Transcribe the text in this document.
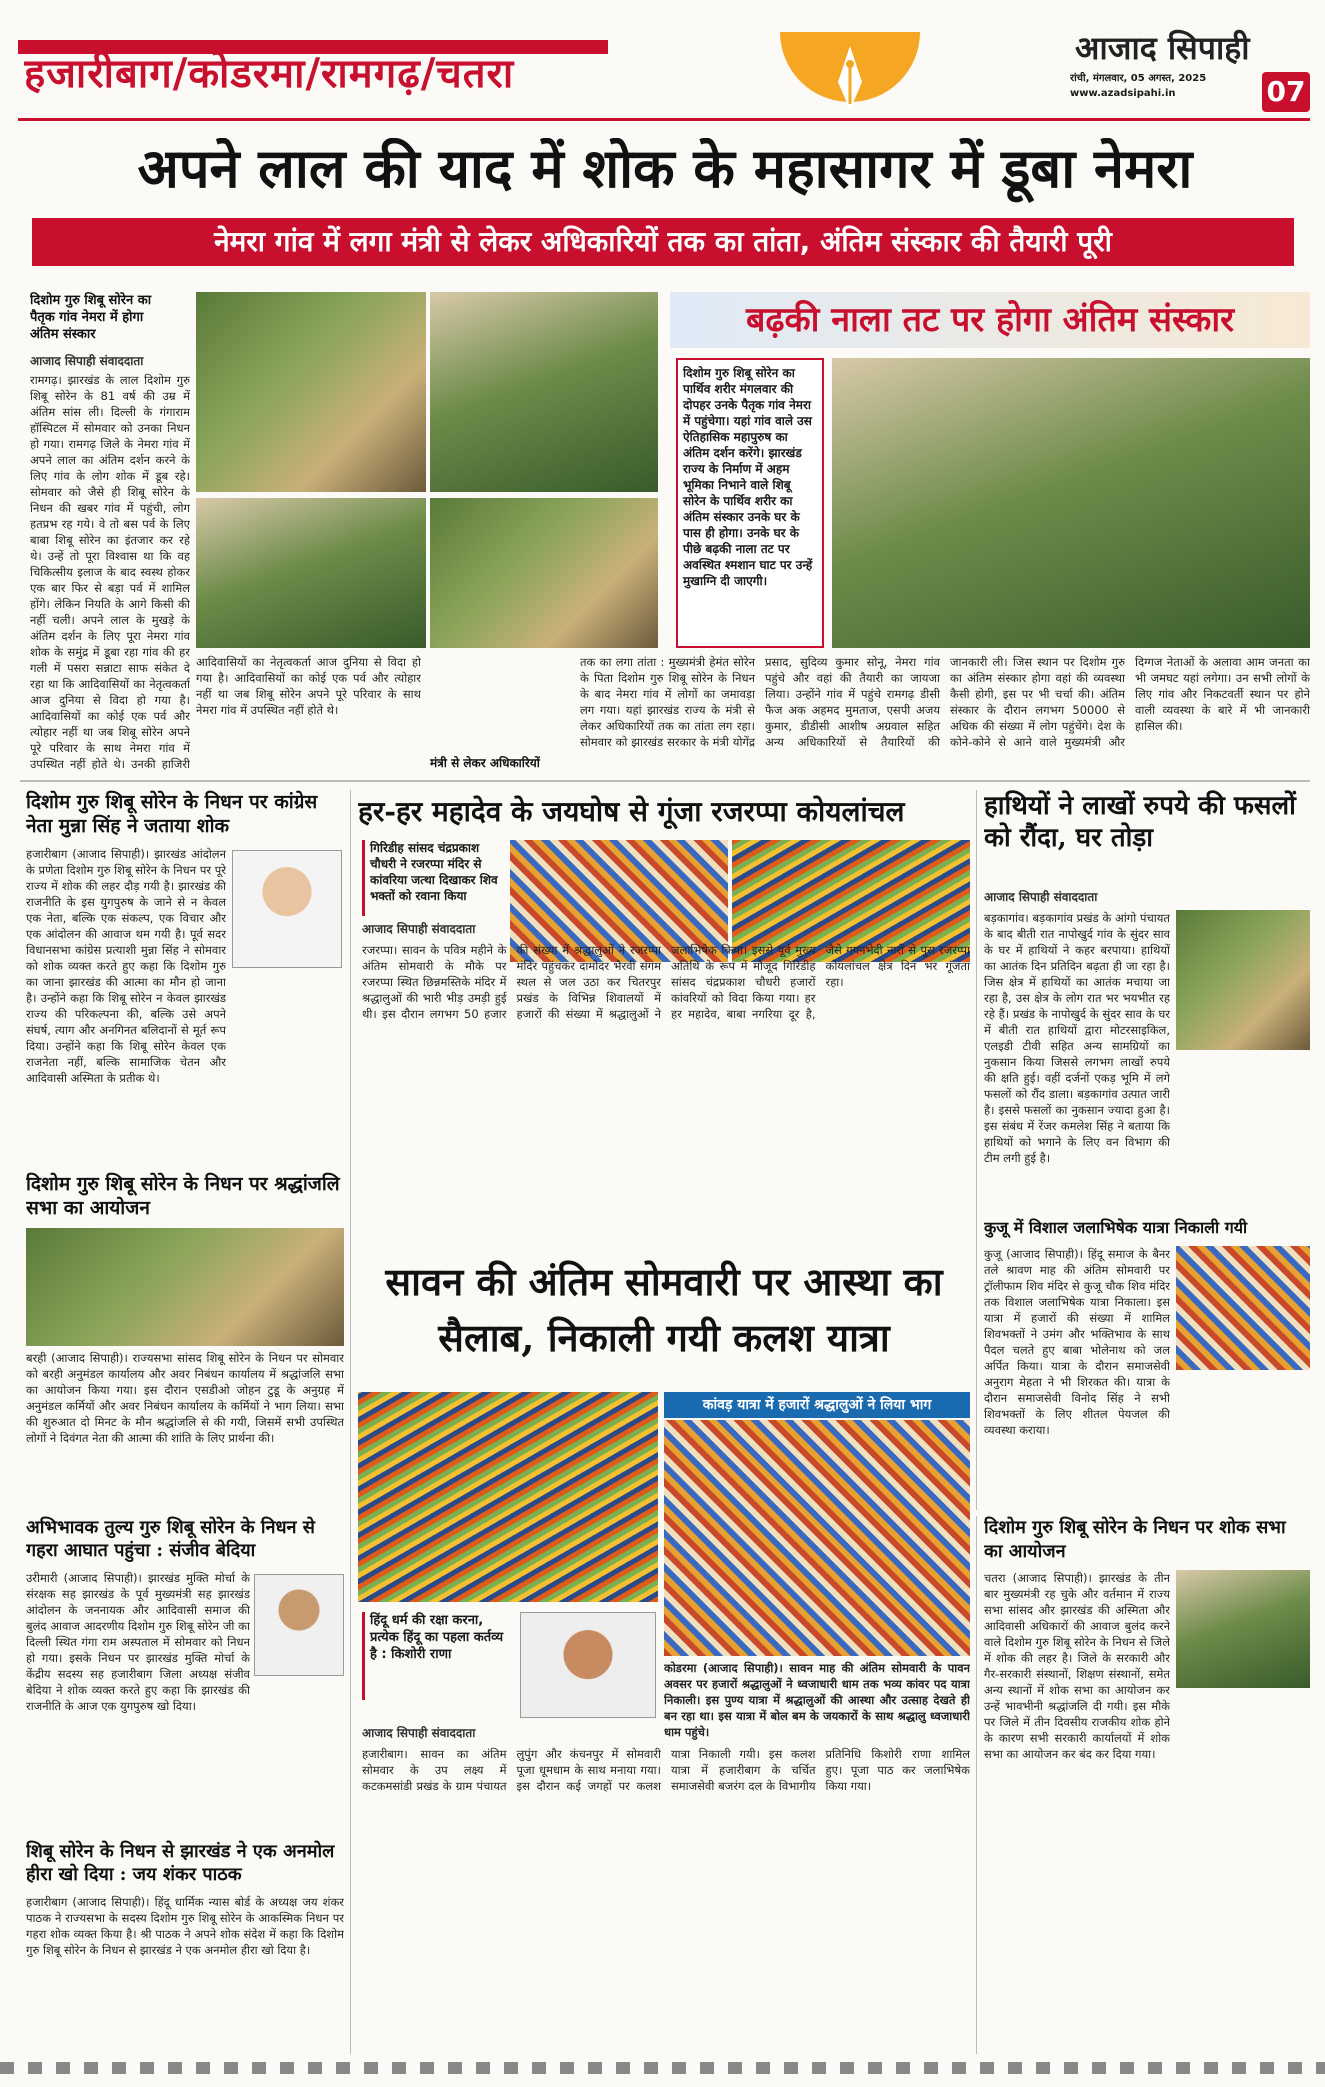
हजारीबाग/कोडरमा/रामगढ़/चतरा
आजाद सिपाही
रांची, मंगलवार, 05 अगस्त, 2025
www.azadsipahi.in	07
अपने लाल की याद में शोक के महासागर में डूबा नेमरा
नेमरा गांव में लगा मंत्री से लेकर अधिकारियों तक का तांता, अंतिम संस्कार की तैयारी पूरी
दिशोम गुरु शिबू सोरेन का पैतृक गांव नेमरा में होगा अंतिम संस्कार
आजाद सिपाही संवाददाता
रामगढ़। झारखंड के लाल दिशोम गुरु शिबू सोरेन के 81 वर्ष की उम्र में अंतिम सांस ली। दिल्ली के गंगाराम हॉस्पिटल में सोमवार को उनका निधन हो गया। रामगढ़ जिले के नेमरा गांव में अपने लाल का अंतिम दर्शन करने के लिए गांव के लोग शोक में डूब रहे। सोमवार को जैसे ही शिबू सोरेन के निधन की खबर गांव में पहुंची, लोग हतप्रभ रह गये। वे तो बस पर्व के लिए बाबा शिबू सोरेन का इंतजार कर रहे थे। उन्हें तो पूरा विश्वास था कि वह चिकित्सीय इलाज के बाद स्वस्थ होकर एक बार फिर से बड़ा पर्व में शामिल होंगे। लेकिन नियति के आगे किसी की नहीं चली। अपने लाल के मुखड़े के अंतिम दर्शन के लिए पूरा नेमरा गांव शोक के समुंद्र में डूबा रहा गांव की हर गली में पसरा सन्नाटा साफ संकेत दे रहा था कि आदिवासियों का नेतृत्वकर्ता आज दुनिया से विदा हो गया है। आदिवासियों का कोई एक पर्व और त्योहार नहीं था जब शिबू सोरेन अपने पूरे परिवार के साथ नेमरा गांव में उपस्थित नहीं होते थे। उनकी हाजिरी
आदिवासियों का नेतृत्वकर्ता आज दुनिया से विदा हो गया है। आदिवासियों का कोई एक पर्व और त्योहार नहीं था जब शिबू सोरेन अपने पूरे परिवार के साथ नेमरा गांव में उपस्थित नहीं होते थे।
मंत्री से लेकर अधिकारियों
तक का लगा तांता : मुख्यमंत्री हेमंत सोरेन के पिता दिशोम गुरु शिबू सोरेन के निधन के बाद नेमरा गांव में लोगों का जमावड़ा लग गया। यहां झारखंड राज्य के मंत्री से लेकर अधिकारियों तक का तांता लग रहा। सोमवार को झारखंड सरकार के मंत्री योगेंद्र प्रसाद, सुदिव्य कुमार सोनू, नेमरा गांव पहुंचे और वहां की तैयारी का जायजा लिया। उन्होंने गांव में पहुंचे रामगढ़ डीसी फैज अक अहमद मुमताज, एसपी अजय कुमार, डीडीसी आशीष अग्रवाल सहित अन्य अधिकारियों से तैयारियों की जानकारी ली। जिस स्थान पर दिशोम गुरु का अंतिम संस्कार होगा वहां की व्यवस्था कैसी होगी, इस पर भी चर्चा की। अंतिम संस्कार के दौरान लगभग 50000 से अधिक की संख्या में लोग पहुंचेंगे। देश के कोने-कोने से आने वाले मुख्यमंत्री और दिग्गज नेताओं के अलावा आम जनता का भी जमघट यहां लगेगा। उन सभी लोगों के लिए गांव और निकटवर्ती स्थान पर होने वाली व्यवस्था के बारे में भी जानकारी हासिल की।
बढ़की नाला तट पर होगा अंतिम संस्कार
दिशोम गुरु शिबू सोरेन का पार्थिव शरीर मंगलवार की दोपहर उनके पैतृक गांव नेमरा में पहुंचेगा। यहां गांव वाले उस ऐतिहासिक महापुरुष का अंतिम दर्शन करेंगे। झारखंड राज्य के निर्माण में अहम भूमिका निभाने वाले शिबू सोरेन के पार्थिव शरीर का अंतिम संस्कार उनके घर के पास ही होगा। उनके घर के पीछे बढ़की नाला तट पर अवस्थित श्मशान घाट पर उन्हें मुखाग्नि दी जाएगी।
दिशोम गुरु शिबू सोरेन के निधन पर कांग्रेस नेता मुन्ना सिंह ने जताया शोक
हजारीबाग (आजाद सिपाही)। झारखंड आंदोलन के प्रणेता दिशोम गुरु शिबू सोरेन के निधन पर पूरे राज्य में शोक की लहर दौड़ गयी है। झारखंड की राजनीति के इस युगपुरुष के जाने से न केवल एक नेता, बल्कि एक संकल्प, एक विचार और एक आंदोलन की आवाज थम गयी है। पूर्व सदर विधानसभा कांग्रेस प्रत्याशी मुन्ना सिंह ने सोमवार को शोक व्यक्त करते हुए कहा कि दिशोम गुरु का जाना झारखंड की आत्मा का मौन हो जाना है। उन्होंने कहा कि शिबू सोरेन न केवल झारखंड राज्य की परिकल्पना की, बल्कि उसे अपने संघर्ष, त्याग और अनगिनत बलिदानों से मूर्त रूप दिया। उन्होंने कहा कि शिबू सोरेन केवल एक राजनेता नहीं, बल्कि सामाजिक चेतन और आदिवासी अस्मिता के प्रतीक थे।
दिशोम गुरु शिबू सोरेन के निधन पर श्रद्धांजलि सभा का आयोजन
बरही (आजाद सिपाही)। राज्यसभा सांसद शिबू सोरेन के निधन पर सोमवार को बरही अनुमंडल कार्यालय और अवर निबंधन कार्यालय में श्रद्धांजलि सभा का आयोजन किया गया। इस दौरान एसडीओ जोहन टुडू के अनुग्रह में अनुमंडल कर्मियों और अवर निबंधन कार्यालय के कर्मियों ने भाग लिया। सभा की शुरुआत दो मिनट के मौन श्रद्धांजलि से की गयी, जिसमें सभी उपस्थित लोगों ने दिवंगत नेता की आत्मा की शांति के लिए प्रार्थना की।
अभिभावक तुल्य गुरु शिबू सोरेन के निधन से गहरा आघात पहुंचा : संजीव बेदिया
उरीमारी (आजाद सिपाही)। झारखंड मुक्ति मोर्चा के संरक्षक सह झारखंड के पूर्व मुख्यमंत्री सह झारखंड आंदोलन के जननायक और आदिवासी समाज की बुलंद आवाज आदरणीय दिशोम गुरु शिबू सोरेन जी का दिल्ली स्थित गंगा राम अस्पताल में सोमवार को निधन हो गया। इसके निधन पर झारखंड मुक्ति मोर्चा के केंद्रीय सदस्य सह हजारीबाग जिला अध्यक्ष संजीव बेदिया ने शोक व्यक्त करते हुए कहा कि झारखंड की राजनीति के आज एक युगपुरुष खो दिया।
शिबू सोरेन के निधन से झारखंड ने एक अनमोल हीरा खो दिया : जय शंकर पाठक
हजारीबाग (आजाद सिपाही)। हिंदू धार्मिक न्यास बोर्ड के अध्यक्ष जय शंकर पाठक ने राज्यसभा के सदस्य दिशोम गुरु शिबू सोरेन के आकस्मिक निधन पर गहरा शोक व्यक्त किया है। श्री पाठक ने अपने शोक संदेश में कहा कि दिशोम गुरु शिबू सोरेन के निधन से झारखंड ने एक अनमोल हीरा खो दिया है।
हर-हर महादेव के जयघोष से गूंजा रजरप्पा कोयलांचल
गिरिडीह सांसद चंद्रप्रकाश चौधरी ने रजरप्पा मंदिर से कांवरिया जत्था दिखाकर शिव भक्तों को रवाना किया
आजाद सिपाही संवाददाता
रजरप्पा। सावन के पवित्र महीने के अंतिम सोमवारी के मौके पर रजरप्पा स्थित छिन्नमस्तिके मंदिर में श्रद्धालुओं की भारी भीड़ उमड़ी हुई थी। इस दौरान लगभग 50 हजार की संख्या में श्रद्धालुओं ने रजरप्पा मंदिर पहुंचकर दामोदर भैरवी संगम स्थल से जल उठा कर चितरपुर प्रखंड के विभिन्न शिवालयों में हजारों की संख्या में श्रद्धालुओं ने जलाभिषेक किया। इससे पूर्व मुख्य अतिथि के रूप में मौजूद गिरिडीह सांसद चंद्रप्रकाश चौधरी हजारों कांवरियों को विदा किया गया। हर हर महादेव, बाबा नगरिया दूर है, जैसे गगनभेदी नारों से पूरा रजरप्पा कोयलांचल क्षेत्र दिन भर गूंजता रहा।
हाथियों ने लाखों रुपये की फसलों को रौंदा, घर तोड़ा
आजाद सिपाही संवाददाता
बड़कागांव। बड़कागांव प्रखंड के आंगो पंचायत के बाद बीती रात नापोखुर्द गांव के सुंदर साव के घर में हाथियों ने कहर बरपाया। हाथियों का आतंक दिन प्रतिदिन बढ़ता ही जा रहा है। जिस क्षेत्र में हाथियों का आतंक मचाया जा रहा है, उस क्षेत्र के लोग रात भर भयभीत रह रहे हैं। प्रखंड के नापोखुर्द के सुंदर साव के घर में बीती रात हाथियों द्वारा मोटरसाइकिल, एलइडी टीवी सहित अन्य सामग्रियों का नुकसान किया जिससे लगभग लाखों रुपये की क्षति हुई। वहीं दर्जनों एकड़ भूमि में लगे फसलों को रौंद डाला। बड़कागांव उत्पात जारी है। इससे फसलों का नुकसान ज्यादा हुआ है। इस संबंध में रेंजर कमलेश सिंह ने बताया कि हाथियों को भगाने के लिए वन विभाग की टीम लगी हुई है।
कुजू में विशाल जलाभिषेक यात्रा निकाली गयी
कुजू (आजाद सिपाही)। हिंदू समाज के बैनर तले श्रावण माह की अंतिम सोमवारी पर ट्रॉलीफाम शिव मंदिर से कुजू चौक शिव मंदिर तक विशाल जलाभिषेक यात्रा निकाला। इस यात्रा में हजारों की संख्या में शामिल शिवभक्तों ने उमंग और भक्तिभाव के साथ पैदल चलते हुए बाबा भोलेनाथ को जल अर्पित किया। यात्रा के दौरान समाजसेवी अनुराग मेहता ने भी शिरकत की। यात्रा के दौरान समाजसेवी विनोद सिंह ने सभी शिवभक्तों के लिए शीतल पेयजल की व्यवस्था कराया।
सावन की अंतिम सोमवारी पर आस्था का सैलाब, निकाली गयी कलश यात्रा
कांवड़ यात्रा में हजारों श्रद्धालुओं ने लिया भाग
कोडरमा (आजाद सिपाही)। सावन माह की अंतिम सोमवारी के पावन अवसर पर हजारों श्रद्धालुओं ने ध्वजाधारी धाम तक भव्य कांवर पद यात्रा निकाली। इस पुण्य यात्रा में श्रद्धालुओं की आस्था और उत्साह देखते ही बन रहा था। इस यात्रा में बोल बम के जयकारों के साथ श्रद्धालु ध्वजाधारी धाम पहुंचे।
हिंदू धर्म की रक्षा करना, प्रत्येक हिंदू का पहला कर्तव्य है : किशोरी राणा
आजाद सिपाही संवाददाता
हजारीबाग। सावन का अंतिम सोमवार के उप लक्ष्य में कटकमसांडी प्रखंड के ग्राम पंचायत लुपुंग और कंचनपुर में सोमवारी पूजा धूमधाम के साथ मनाया गया। इस दौरान कई जगहों पर कलश यात्रा निकाली गयी। इस कलश यात्रा में हजारीबाग के चर्चित समाजसेवी बजरंग दल के विभागीय प्रतिनिधि किशोरी राणा शामिल हुए। पूजा पाठ कर जलाभिषेक किया गया।
दिशोम गुरु शिबू सोरेन के निधन पर शोक सभा का आयोजन
चतरा (आजाद सिपाही)। झारखंड के तीन बार मुख्यमंत्री रह चुके और वर्तमान में राज्य सभा सांसद और झारखंड की अस्मिता और आदिवासी अधिकारों की आवाज बुलंद करने वाले दिशोम गुरु शिबू सोरेन के निधन से जिले में शोक की लहर है। जिले के सरकारी और गैर-सरकारी संस्थानों, शिक्षण संस्थानों, समेत अन्य स्थानों में शोक सभा का आयोजन कर उन्हें भावभीनी श्रद्धांजलि दी गयी। इस मौके पर जिले में तीन दिवसीय राजकीय शोक होने के कारण सभी सरकारी कार्यालयों में शोक सभा का आयोजन कर बंद कर दिया गया।
